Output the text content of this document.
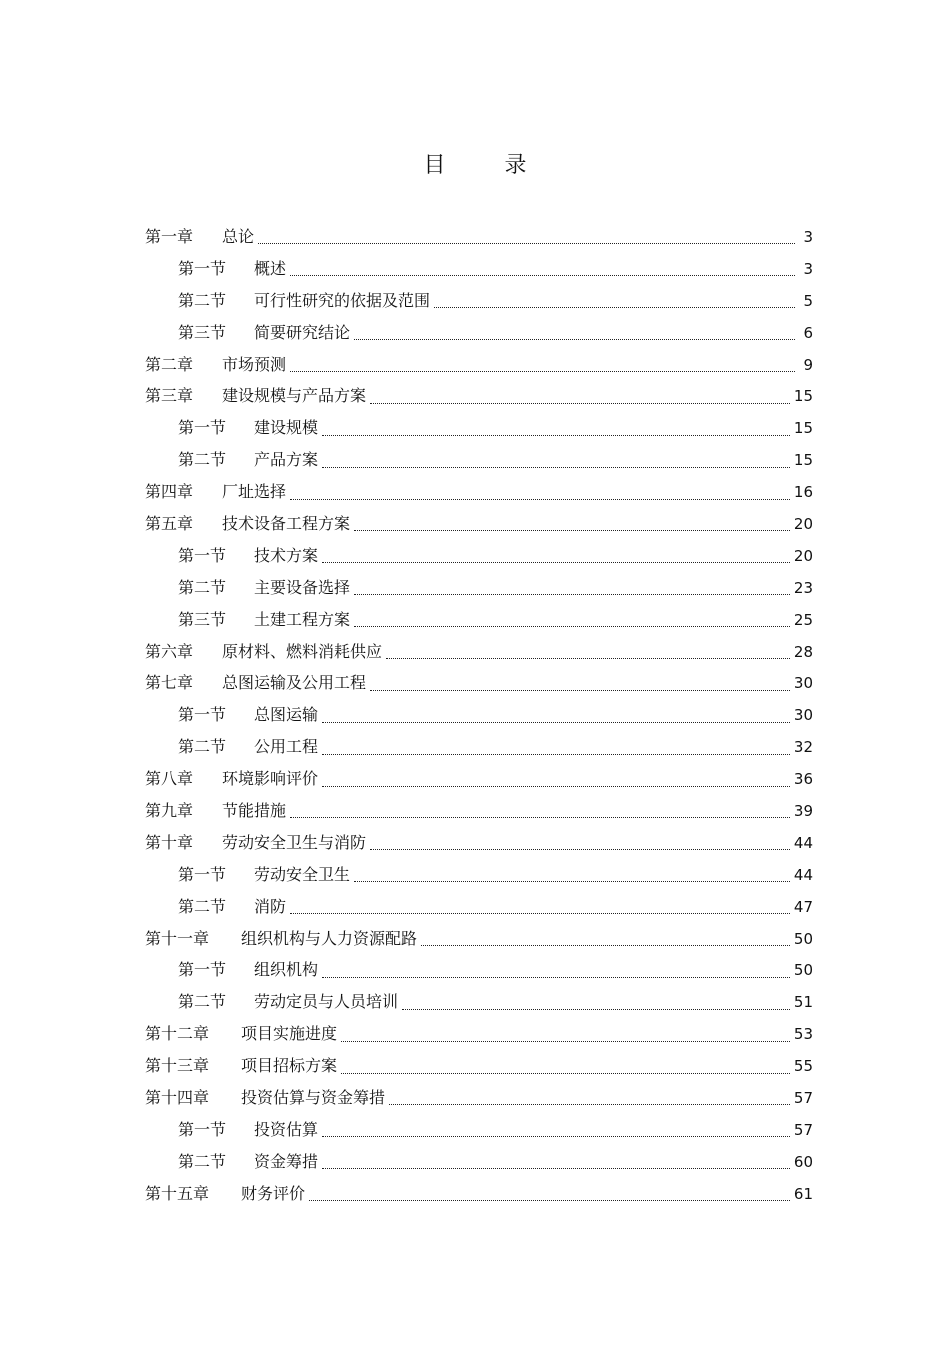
目 录
第一章	总论	3
第一节	概述	3
第二节	可行性研究的依据及范围	5
第三节	简要研究结论	6
第二章	市场预测	9
第三章	建设规模与产品方案	15
第一节	建设规模	15
第二节	产品方案	15
第四章	厂址选择	16
第五章	技术设备工程方案	20
第一节	技术方案	20
第二节	主要设备选择	23
第三节	土建工程方案	25
第六章	原材料、燃料消耗供应	28
第七章	总图运输及公用工程	30
第一节	总图运输	30
第二节	公用工程	32
第八章	环境影响评价	36
第九章	节能措施	39
第十章	劳动安全卫生与消防	44
第一节	劳动安全卫生	44
第二节	消防	47
第十一章	组织机构与人力资源配路	50
第一节	组织机构	50
第二节	劳动定员与人员培训	51
第十二章	项目实施进度	53
第十三章	项目招标方案	55
第十四章	投资估算与资金筹措	57
第一节	投资估算	57
第二节	资金筹措	60
第十五章	财务评价	61
